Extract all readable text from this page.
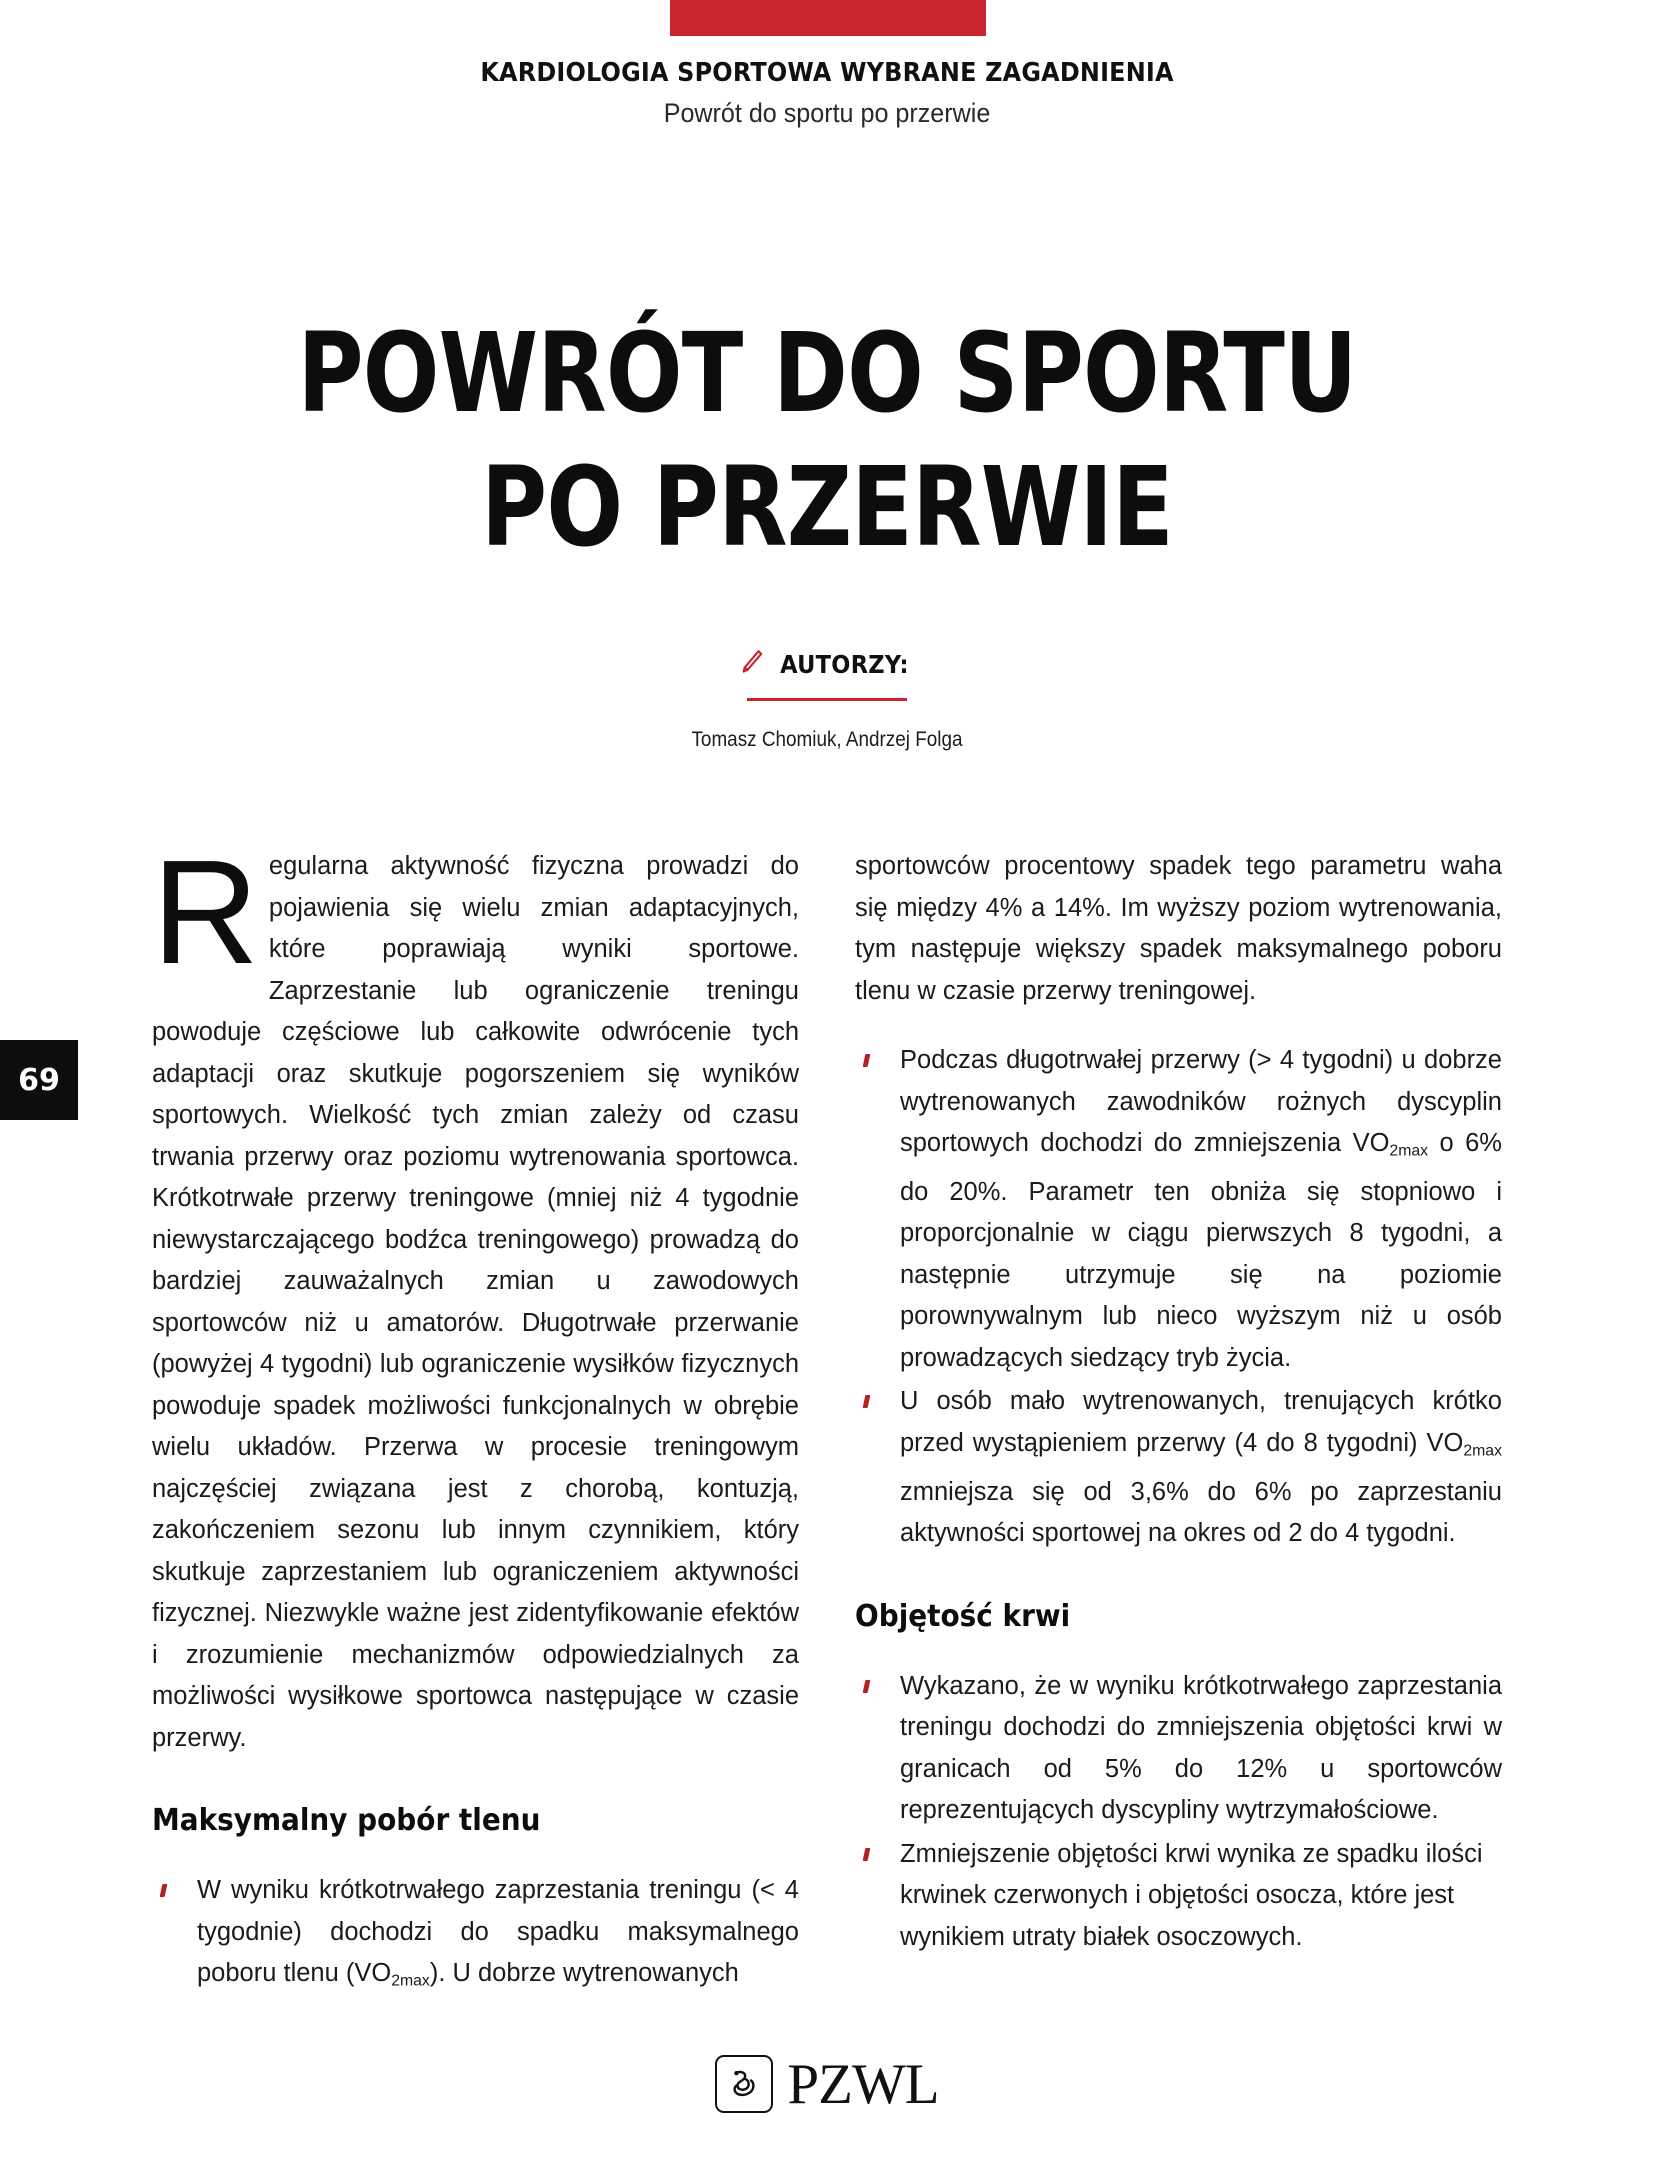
KARDIOLOGIA SPORTOWA WYBRANE ZAGADNIENIA
Powrót do sportu po przerwie
69
POWRÓT DO SPORTU
PO PRZERWIE
AUTORZY:
Tomasz Chomiuk, Andrzej Folga

Regularna aktywność fizyczna prowadzi do pojawienia się wielu zmian adaptacyjnych, które poprawiają wyniki sportowe. Zaprzestanie lub ograniczenie treningu powoduje częściowe lub całkowite odwrócenie tych adaptacji oraz skutkuje pogorszeniem się wyników sportowych. Wielkość tych zmian zależy od czasu trwania przerwy oraz poziomu wytrenowania sportowca. Krótkotrwałe przerwy treningowe (mniej niż 4 tygodnie niewystarczającego bodźca treningowego) prowadzą do bardziej zauważalnych zmian u zawodowych sportowców niż u amatorów. Długotrwałe przerwanie (powyżej 4 tygodni) lub ograniczenie wysiłków fizycznych powoduje spadek możliwości funkcjonalnych w obrębie wielu układów. Przerwa w procesie treningowym najczęściej związana jest z chorobą, kontuzją, zakończeniem sezonu lub innym czynnikiem, który skutkuje zaprzestaniem lub ograniczeniem aktywności fizycznej. Niezwykle ważne jest zidentyfikowanie efektów i zrozumienie mechanizmów odpowiedzialnych za możliwości wysiłkowe sportowca następujące w czasie przerwy.

Maksymalny pobór tlenu
W wyniku krótkotrwałego zaprzestania treningu (< 4 tygodnie) dochodzi do spadku maksymalnego poboru tlenu $(VO_{2max})$. U dobrze wytrenowanych

sportowców procentowy spadek tego parametru waha się między 4% a 14%. Im wyższy poziom wytrenowania, tym następuje większy spadek maksymalnego poboru tlenu w czasie przerwy treningowej.

Podczas długotrwałej przerwy (> 4 tygodni) u dobrze wytrenowanych zawodników rożnych dyscyplin sportowych dochodzi do zmniejszenia $VO_{2max}$ o 6% do 20%. Parametr ten obniża się stopniowo i proporcjonalnie w ciągu pierwszych 8 tygodni, a następnie utrzymuje się na poziomie porownywalnym lub nieco wyższym niż u osób prowadzących siedzący tryb życia.
U osób mało wytrenowanych, trenujących krótko przed wystąpieniem przerwy (4 do 8 tygodni) $VO_{2max}$ zmniejsza się od 3,6% do 6% po zaprzestaniu aktywności sportowej na okres od 2 do 4 tygodni.
Objętość krwi
Wykazano, że w wyniku krótkotrwałego zaprzestania treningu dochodzi do zmniejszenia objętości krwi w granicach od 5% do 12% u sportowców reprezentujących dyscypliny wytrzymałościowe.
Zmniejszenie objętości krwi wynika ze spadku ilości krwinek czerwonych i objętości osocza, które jest wynikiem utraty białek osoczowych.
PZWL
